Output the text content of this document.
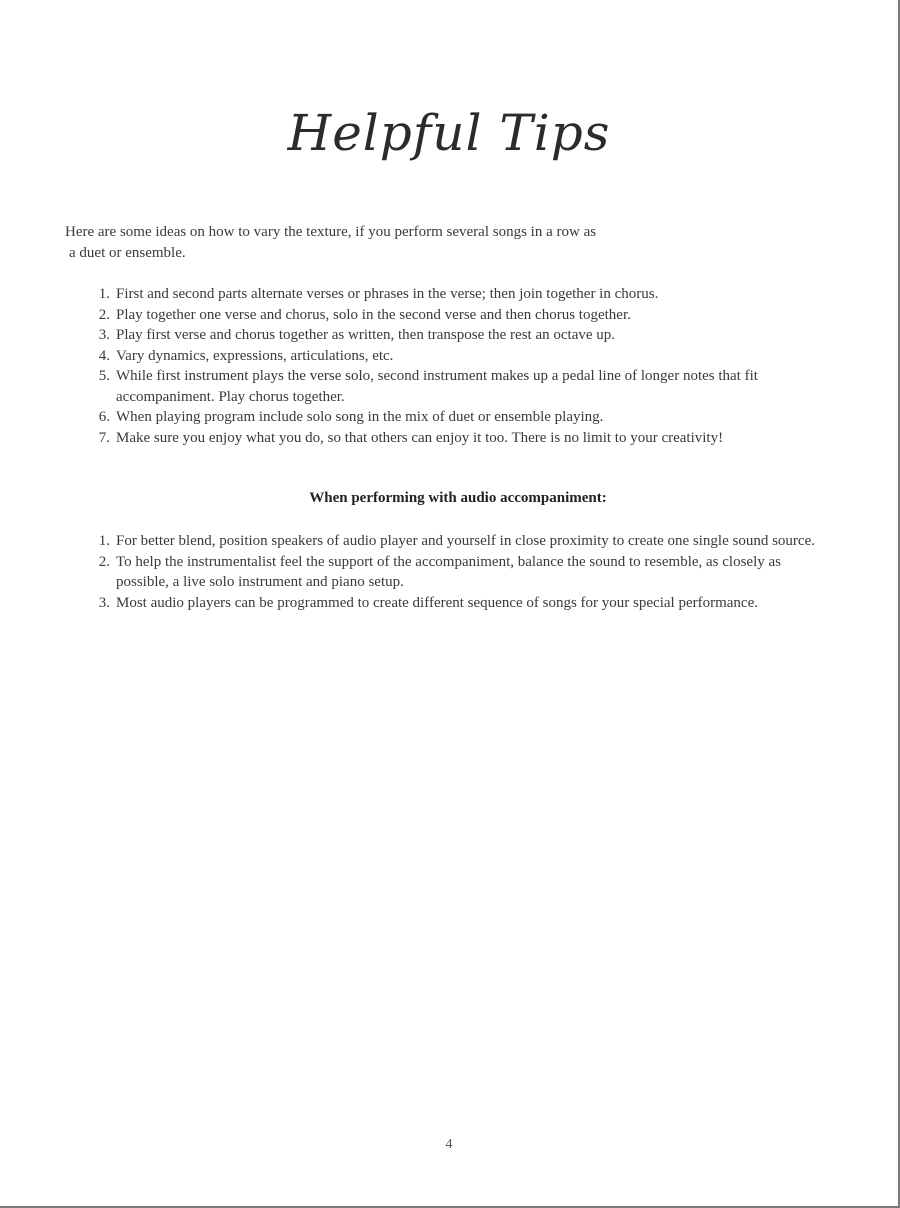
Helpful Tips

Here are some ideas on how to vary the texture, if you perform several songs in a row as
a duet or ensemble.

1. First and second parts alternate verses or phrases in the verse; then join together in chorus.
2. Play together one verse and chorus, solo in the second verse and then chorus together.
3. Play first verse and chorus together as written, then transpose the rest an octave up.
4. Vary dynamics, expressions, articulations, etc.
5. While first instrument plays the verse solo, second instrument makes up a pedal line of longer notes that fit accompaniment. Play chorus together.
6. When playing program include solo song in the mix of duet or ensemble playing.
7. Make sure you enjoy what you do, so that others can enjoy it too. There is no limit to your creativity!
When performing with audio accompaniment:
1. For better blend, position speakers of audio player and yourself in close proximity to create one single sound source.
2. To help the instrumentalist feel the support of the accompaniment, balance the sound to resemble, as closely as possible, a live solo instrument and piano setup.
3. Most audio players can be programmed to create different sequence of songs for your special performance.

4
